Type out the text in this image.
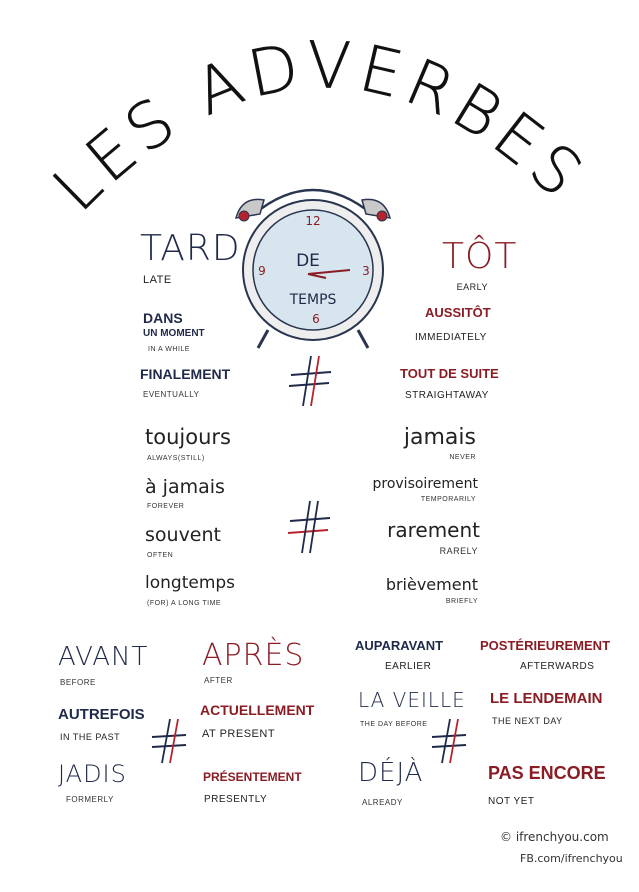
LES ADVERBES
12
3
6
9 DE
TEMPS
TARD
LATE
DANS
UN MOMENT
IN A WHILE
FINALEMENT
EVENTUALLY
TÔT
EARLY
AUSSITÔT
IMMEDIATELY
TOUT DE SUITE
STRAIGHTAWAY
toujours
ALWAYS(STILL)
à jamais
FOREVER
souvent
OFTEN
longtemps
(FOR) A LONG TIME
jamais
NEVER
provisoirement
TEMPORARILY
rarement
RARELY
brièvement
BRIEFLY
AVANT
BEFORE
AUTREFOIS
IN THE PAST
JADIS
FORMERLY
APRÈS
AFTER
ACTUELLEMENT
AT PRESENT
PRÉSENTEMENT
PRESENTLY
AUPARAVANT
EARLIER
LA VEILLE
THE DAY BEFORE
DÉJÀ
ALREADY
POSTÉRIEUREMENT
AFTERWARDS
LE LENDEMAIN
THE NEXT DAY
PAS ENCORE
NOT YET
© ifrenchyou.com
FB.com/ifrenchyou
